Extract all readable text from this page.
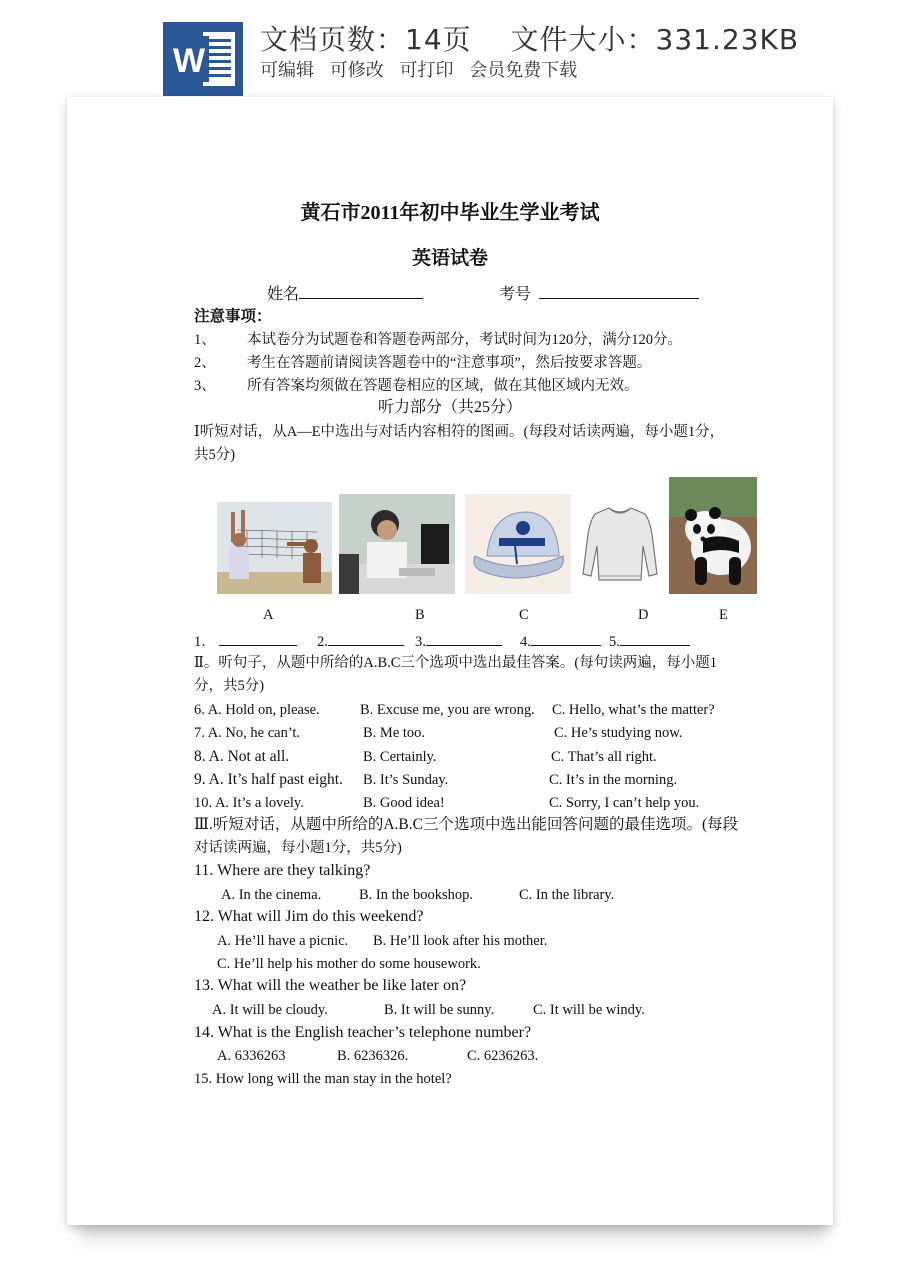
W
文档页数：14页　 文件大小：331.23KB
可编辑 可修改 可打印 会员免费下载
黄石市2011年初中毕业生学业考试
英语试卷
姓名	考号
注意事项：
1、 本试卷分为试题卷和答题卷两部分，考试时间为120分，满分120分。
2、 考生在答题前请阅读答题卷中的“注意事项”，然后按要求答题。
3、 所有答案均须做在答题卷相应的区域，做在其他区域内无效。
听力部分（共25分）
Ⅰ听短对话，从A—E中选出与对话内容相符的图画。(每段对话读两遍，每小题1分，
共5分)
A	B	C	D	E
1．	2.	3.	4.	5.
Ⅱ。听句子，从题中所给的A.B.C三个选项中选出最佳答案。(每句读两遍，每小题1
分，共5分)
6. A. Hold on, please.	B. Excuse me, you are wrong. C. Hello, what’s the matter?
7. A. No, he can’t.	B. Me too.	C. He’s studying now.
8. A. Not at all.	B. Certainly.	C. That’s all right.
9. A. It’s half past eight. B. It’s Sunday.	C. It’s in the morning.
10. A. It’s a lovely.	B. Good idea!	C. Sorry, I can’t help you.
Ⅲ.听短对话，从题中所给的A.B.C三个选项中选出能回答问题的最佳选项。(每段
对话读两遍，每小题1分，共5分)
11. Where are they talking?
A. In the cinema.	B. In the bookshop.	C. In the library.
12. What will Jim do this weekend?
A. He’ll have a picnic. B. He’ll look after his mother.
C. He’ll help his mother do some housework.
13. What will the weather be like later on?
A. It will be cloudy.	B. It will be sunny.	C. It will be windy.
14. What is the English teacher’s telephone number?
A. 6336263	B. 6236326.	C. 6236263.
15. How long will the man stay in the hotel?
